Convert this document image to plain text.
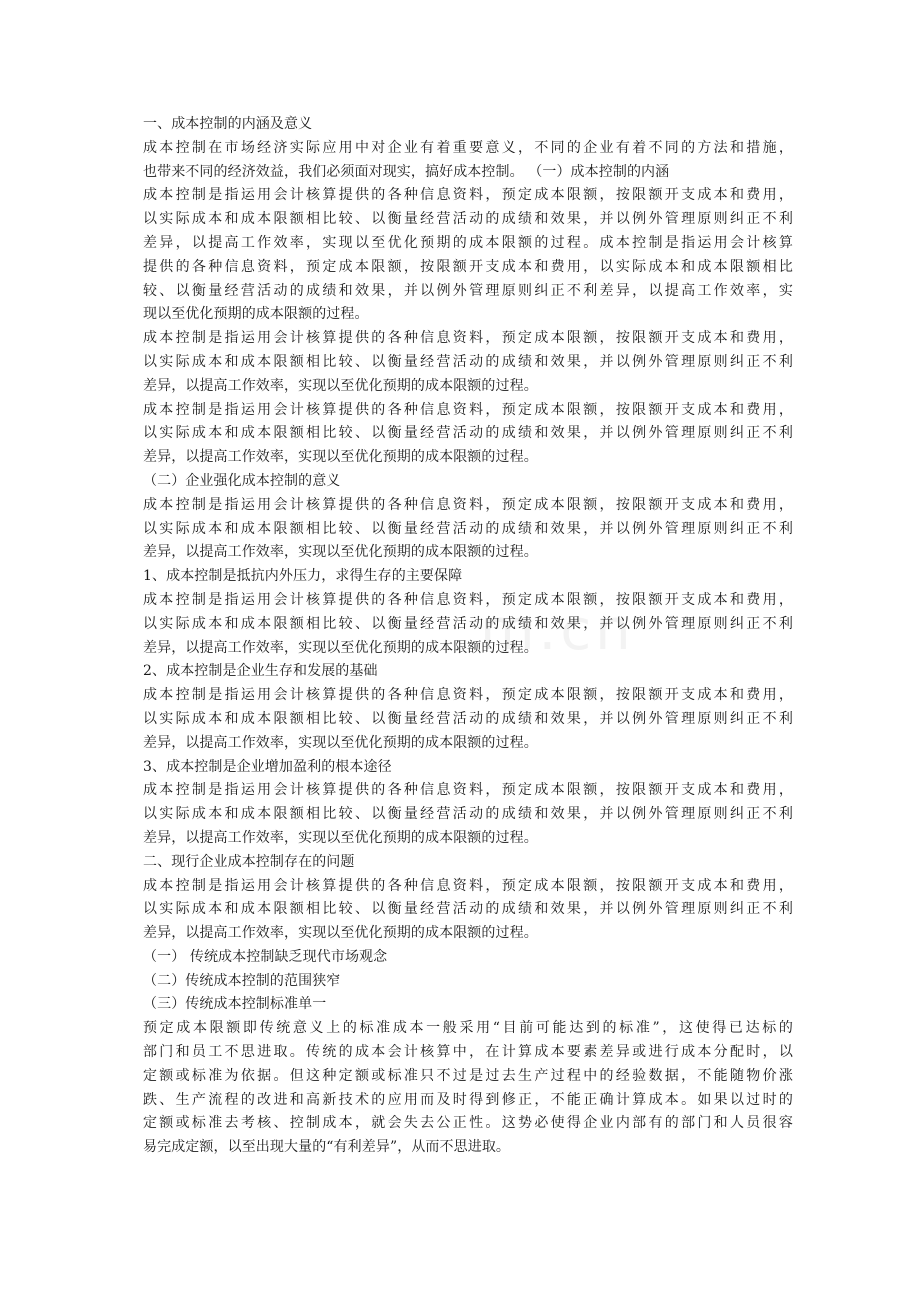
m.cn
一、成本控制的内涵及意义
成本控制在市场经济实际应用中对企业有着重要意义，不同的企业有着不同的方法和措施，
也带来不同的经济效益，我们必须面对现实，搞好成本控制。 （一）成本控制的内涵
成本控制是指运用会计核算提供的各种信息资料，预定成本限额，按限额开支成本和费用，
以实际成本和成本限额相比较、以衡量经营活动的成绩和效果，并以例外管理原则纠正不利
差异，以提高工作效率，实现以至优化预期的成本限额的过程。成本控制是指运用会计核算
提供的各种信息资料，预定成本限额，按限额开支成本和费用，以实际成本和成本限额相比
较、以衡量经营活动的成绩和效果，并以例外管理原则纠正不利差异，以提高工作效率，实
现以至优化预期的成本限额的过程。
成本控制是指运用会计核算提供的各种信息资料，预定成本限额，按限额开支成本和费用，
以实际成本和成本限额相比较、以衡量经营活动的成绩和效果，并以例外管理原则纠正不利
差异，以提高工作效率，实现以至优化预期的成本限额的过程。
成本控制是指运用会计核算提供的各种信息资料，预定成本限额，按限额开支成本和费用，
以实际成本和成本限额相比较、以衡量经营活动的成绩和效果，并以例外管理原则纠正不利
差异，以提高工作效率，实现以至优化预期的成本限额的过程。
（二）企业强化成本控制的意义
成本控制是指运用会计核算提供的各种信息资料，预定成本限额，按限额开支成本和费用，
以实际成本和成本限额相比较、以衡量经营活动的成绩和效果，并以例外管理原则纠正不利
差异，以提高工作效率，实现以至优化预期的成本限额的过程。
1、成本控制是抵抗内外压力，求得生存的主要保障
成本控制是指运用会计核算提供的各种信息资料，预定成本限额，按限额开支成本和费用，
以实际成本和成本限额相比较、以衡量经营活动的成绩和效果，并以例外管理原则纠正不利
差异，以提高工作效率，实现以至优化预期的成本限额的过程。
2、成本控制是企业生存和发展的基础
成本控制是指运用会计核算提供的各种信息资料，预定成本限额，按限额开支成本和费用，
以实际成本和成本限额相比较、以衡量经营活动的成绩和效果，并以例外管理原则纠正不利
差异，以提高工作效率，实现以至优化预期的成本限额的过程。
3、成本控制是企业增加盈利的根本途径
成本控制是指运用会计核算提供的各种信息资料，预定成本限额，按限额开支成本和费用，
以实际成本和成本限额相比较、以衡量经营活动的成绩和效果，并以例外管理原则纠正不利
差异，以提高工作效率，实现以至优化预期的成本限额的过程。
二、现行企业成本控制存在的问题
成本控制是指运用会计核算提供的各种信息资料，预定成本限额，按限额开支成本和费用，
以实际成本和成本限额相比较、以衡量经营活动的成绩和效果，并以例外管理原则纠正不利
差异，以提高工作效率，实现以至优化预期的成本限额的过程。
（一） 传统成本控制缺乏现代市场观念
（二）传统成本控制的范围狭窄
（三）传统成本控制标准单一
预定成本限额即传统意义上的标准成本一般采用“目前可能达到的标准”，这使得已达标的
部门和员工不思进取。传统的成本会计核算中，在计算成本要素差异或进行成本分配时，以
定额或标准为依据。但这种定额或标准只不过是过去生产过程中的经验数据，不能随物价涨
跌、生产流程的改进和高新技术的应用而及时得到修正，不能正确计算成本。如果以过时的
定额或标准去考核、控制成本，就会失去公正性。这势必使得企业内部有的部门和人员很容
易完成定额，以至出现大量的“有利差异”，从而不思进取。
